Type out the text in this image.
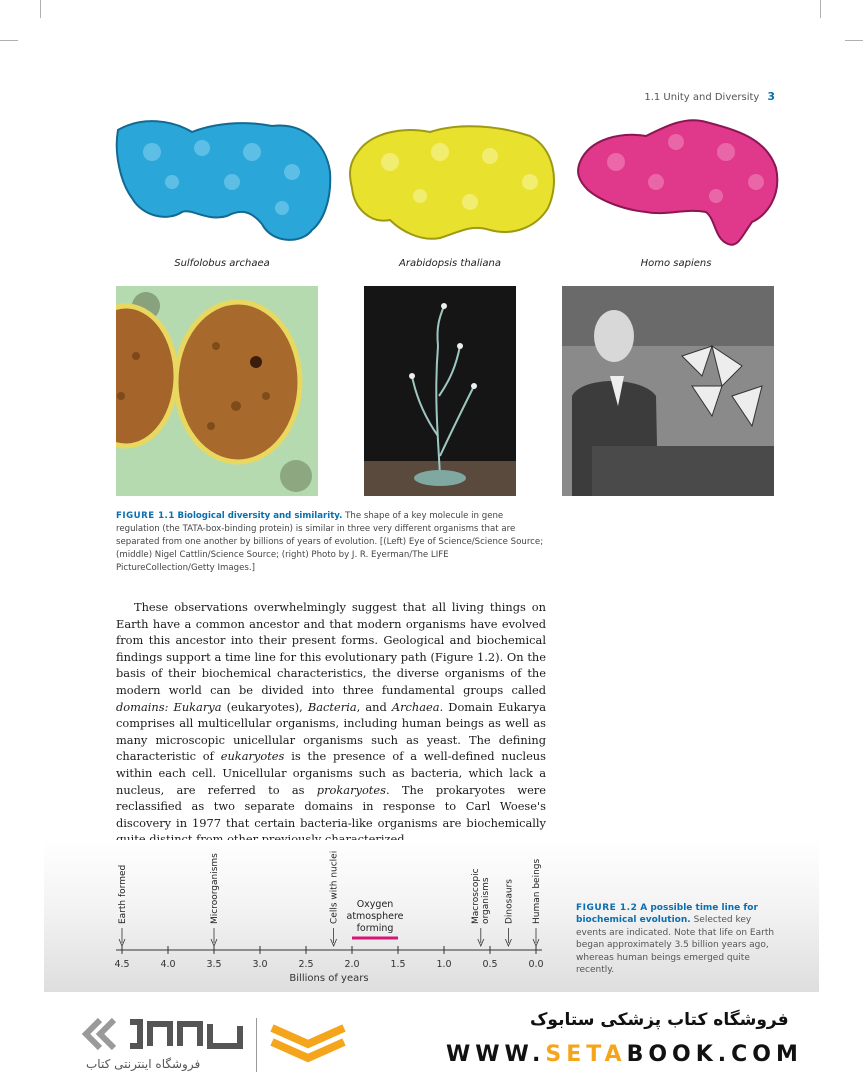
1.1 Unity and Diversity 3
Sulfolobus archaea	Arabidopsis thaliana	Homo sapiens
FIGURE 1.1 Biological diversity and similarity. The shape of a key molecule in gene regulation (the TATA-box-binding protein) is similar in three very different organisms that are separated from one another by billions of years of evolution. [(Left) Eye of Science/Science Source; (middle) Nigel Cattlin/Science Source; (right) Photo by J. R. Eyerman/The LIFE PictureCollection/Getty Images.]

These observations overwhelmingly suggest that all living things on Earth have a common ancestor and that modern organisms have evolved from this ancestor into their present forms. Geological and biochemical findings support a time line for this evolutionary path (Figure 1.2). On the basis of their biochemical characteristics, the diverse organisms of the modern world can be divided into three fundamental groups called domains: Eukarya (eukaryotes), Bacteria, and Archaea. Domain Eukarya comprises all multicellular organisms, including human beings as well as many microscopic unicellular organisms such as yeast. The defining characteristic of eukaryotes is the presence of a well-defined nucleus within each cell. Unicellular organisms such as bacteria, which lack a nucleus, are referred to as prokaryotes. The prokaryotes were reclassified as two separate domains in response to Carl Woese's discovery in 1977 that certain bacteria-like organisms are biochemically

4.5	4.0	3.5	3.0	2.5	2.0	1.5	1.0	0.5	0.0
Billions of years
Earth formed	Microorganisms	Cells with nuclei	Macroscopic organisms Dinosaurs Human beings
Oxygen
atmosphere
forming
FIGURE 1.2 A possible time line for biochemical evolution. Selected key events are indicated. Note that life on Earth began approximately 3.5 billion years ago, whereas human beings emerged quite recently.
فروشگاه اینترنتی کتاب
فروشگاه کتاب پزشکی ستابوک
WWW.SETABOOK.COM
